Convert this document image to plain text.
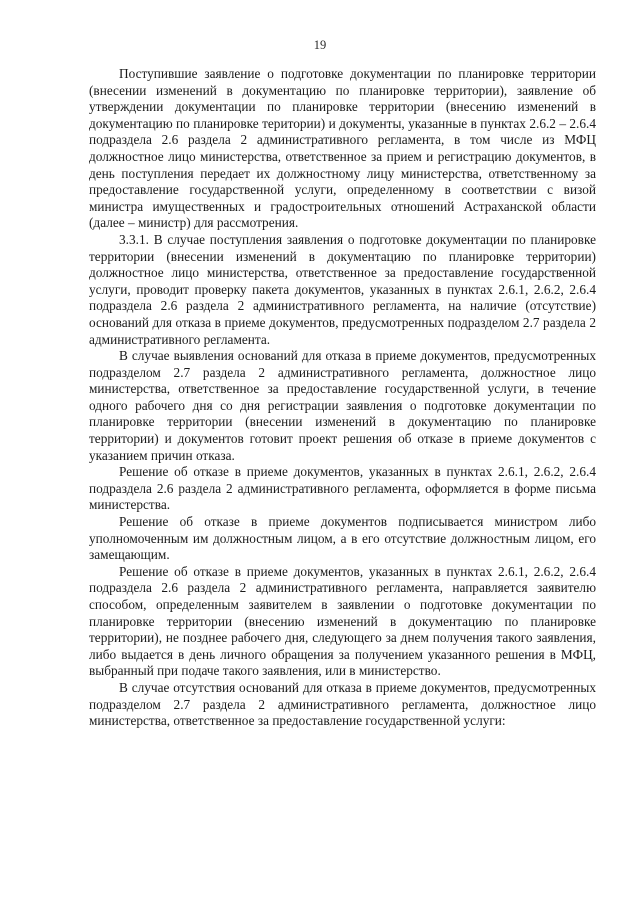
19

Поступившие заявление о подготовке документации по планировке территории (внесении изменений в документацию по планировке территории), заявление об утверждении документации по планировке территории (внесению изменений в документацию по планировке територии) и документы, указанные в пунктах 2.6.2 – 2.6.4 подраздела 2.6 раздела 2 административного регламента, в том числе из МФЦ должностное лицо министерства, ответственное за прием и регистрацию документов, в день поступления передает их должностному лицу министерства, ответственному за предоставление государственной услуги, определенному в соответствии с визой министра имущественных и градостроительных отношений Астраханской области (далее – министр) для рассмотрения.

3.3.1. В случае поступления заявления о подготовке документации по планировке территории (внесении изменений в документацию по планировке территории) должностное лицо министерства, ответственное за предоставление государственной услуги, проводит проверку пакета документов, указанных в пунктах 2.6.1, 2.6.2, 2.6.4 подраздела 2.6 раздела 2 административного регламента, на наличие (отсутствие) оснований для отказа в приеме документов, предусмотренных подразделом 2.7 раздела 2 административного регламента.

В случае выявления оснований для отказа в приеме документов, предусмотренных подразделом 2.7 раздела 2 административного регламента, должностное лицо министерства, ответственное за предоставление государственной услуги, в течение одного рабочего дня со дня регистрации заявления о подготовке документации по планировке территории (внесении изменений в документацию по планировке территории) и документов готовит проект решения об отказе в приеме документов с указанием причин отказа.

Решение об отказе в приеме документов, указанных в пунктах 2.6.1, 2.6.2, 2.6.4 подраздела 2.6 раздела 2 административного регламента, оформляется в форме письма министерства.

Решение об отказе в приеме документов подписывается министром либо уполномоченным им должностным лицом, а в его отсутствие должностным лицом, его замещающим.

Решение об отказе в приеме документов, указанных в пунктах 2.6.1, 2.6.2, 2.6.4 подраздела 2.6 раздела 2 административного регламента, направляется заявителю способом, определенным заявителем в заявлении о подготовке документации по планировке территории (внесению изменений в документацию по планировке территории), не позднее рабочего дня, следующего за днем получения такого заявления, либо выдается в день личного обращения за получением указанного решения в МФЦ, выбранный при подаче такого заявления, или в министерство.

В случае отсутствия оснований для отказа в приеме документов, предусмотренных подразделом 2.7 раздела 2 административного регламента, должностное лицо министерства, ответственное за предоставление государственной услуги:
